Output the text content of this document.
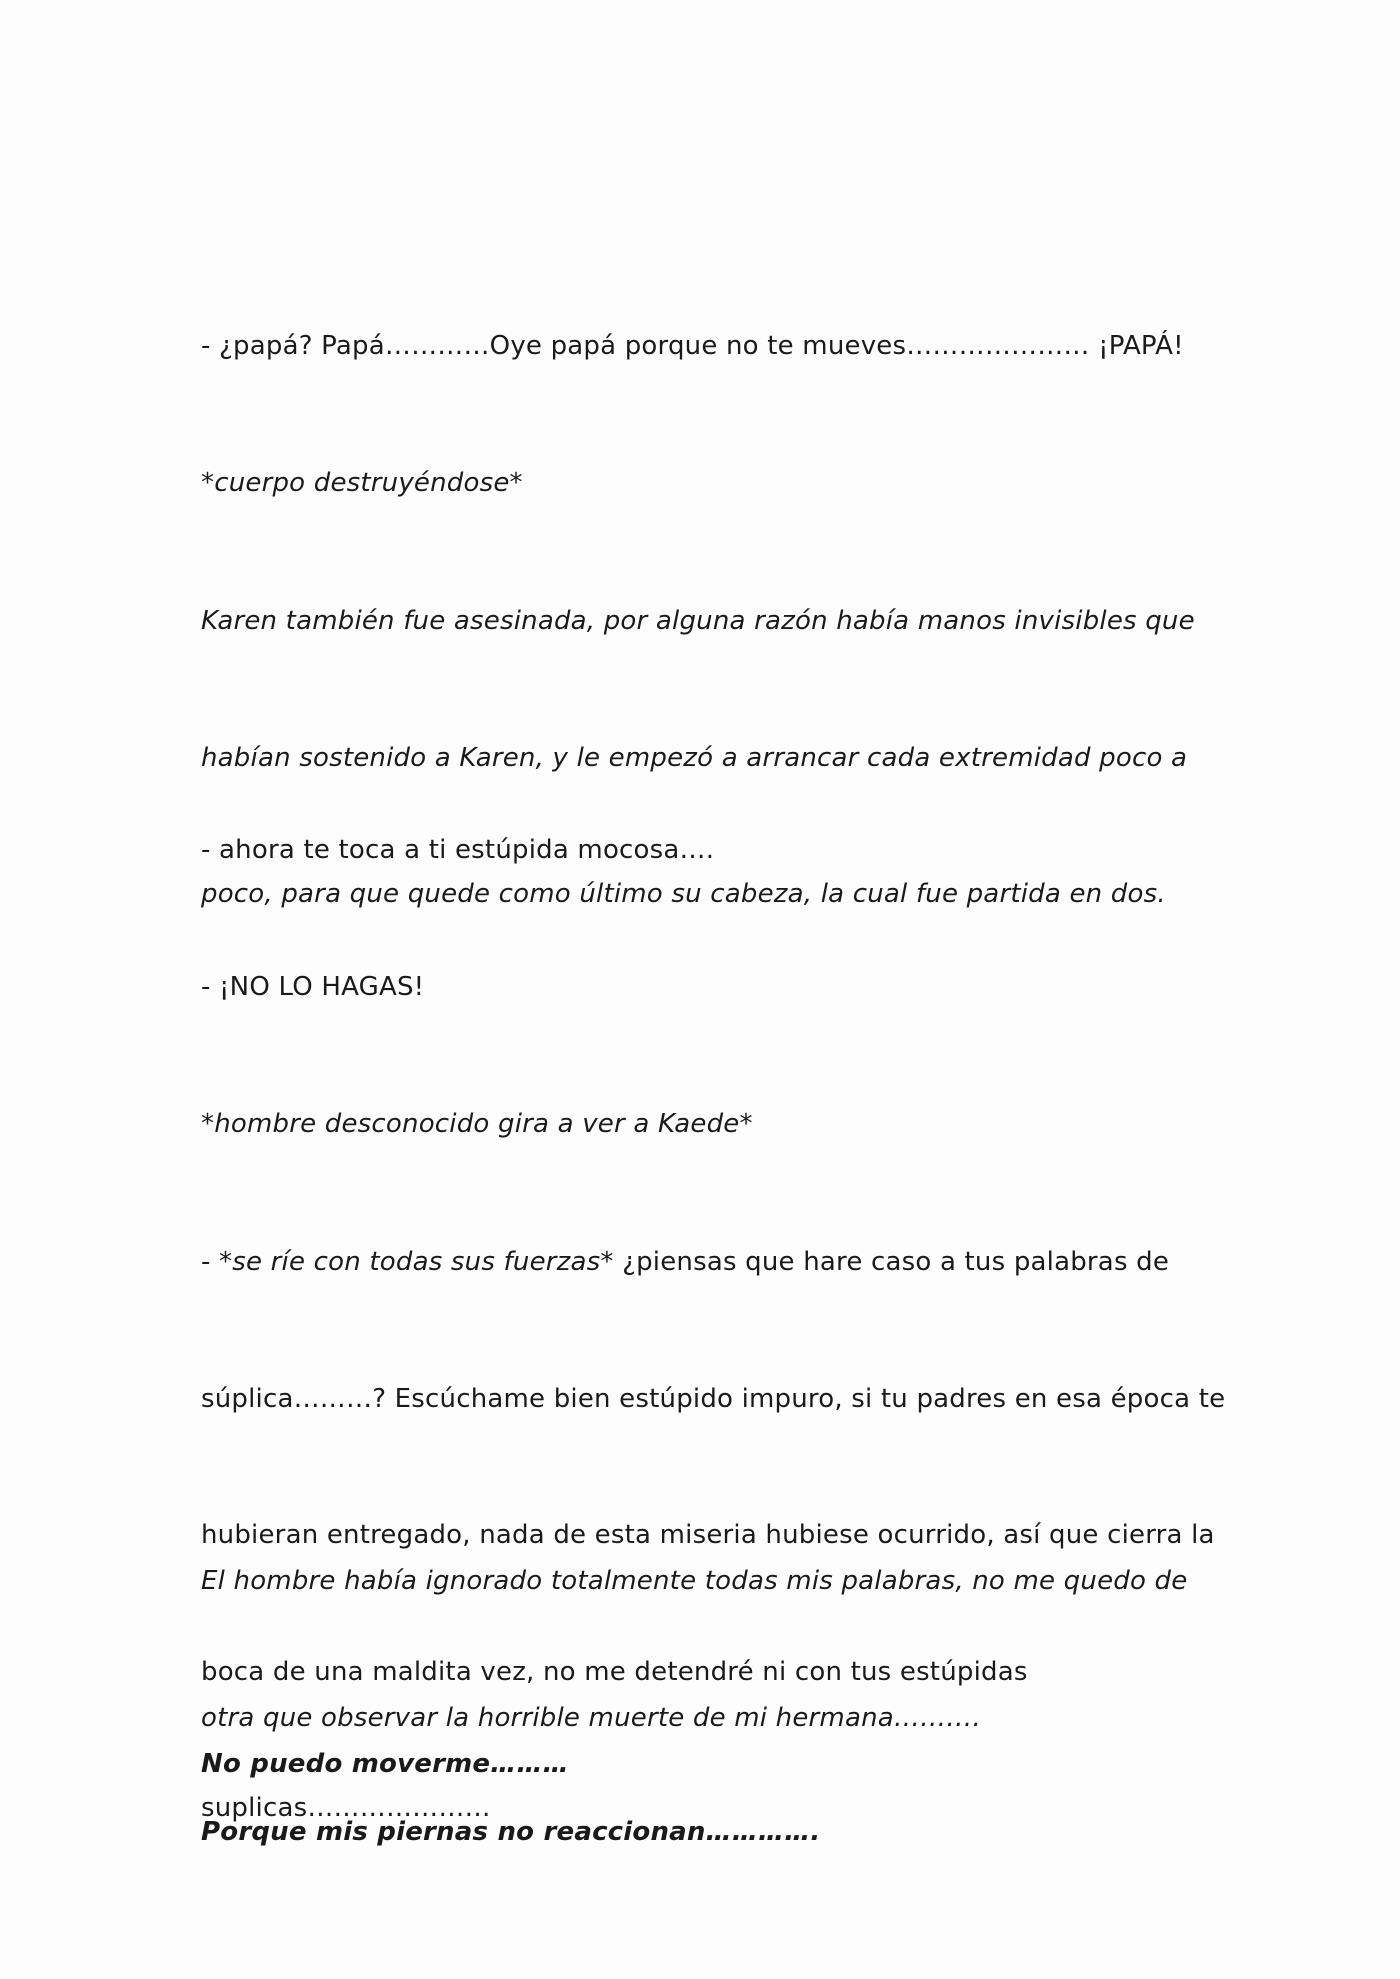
- ¿papá? Papá…………Oye papá porque no te mueves………………… ¡PAPÁ!

*cuerpo destruyéndose*

Karen también fue asesinada, por alguna razón había manos invisibles que

habían sostenido a Karen, y le empezó a arrancar cada extremidad poco a

poco, para que quede como último su cabeza, la cual fue partida en dos.

- ahora te toca a ti estúpida mocosa….

- ¡NO LO HAGAS!

*hombre desconocido gira a ver a Kaede*

- *se ríe con todas sus fuerzas* ¿piensas que hare caso a tus palabras de

súplica………? Escúchame bien estúpido impuro, si tu padres en esa época te

hubieran entregado, nada de esta miseria hubiese ocurrido, así que cierra la

boca de una maldita vez, no me detendré ni con tus estúpidas

suplicas…………………

El hombre había ignorado totalmente todas mis palabras, no me quedo de

otra que observar la horrible muerte de mi hermana……….

No puedo moverme………

Porque mis piernas no reaccionan………….
